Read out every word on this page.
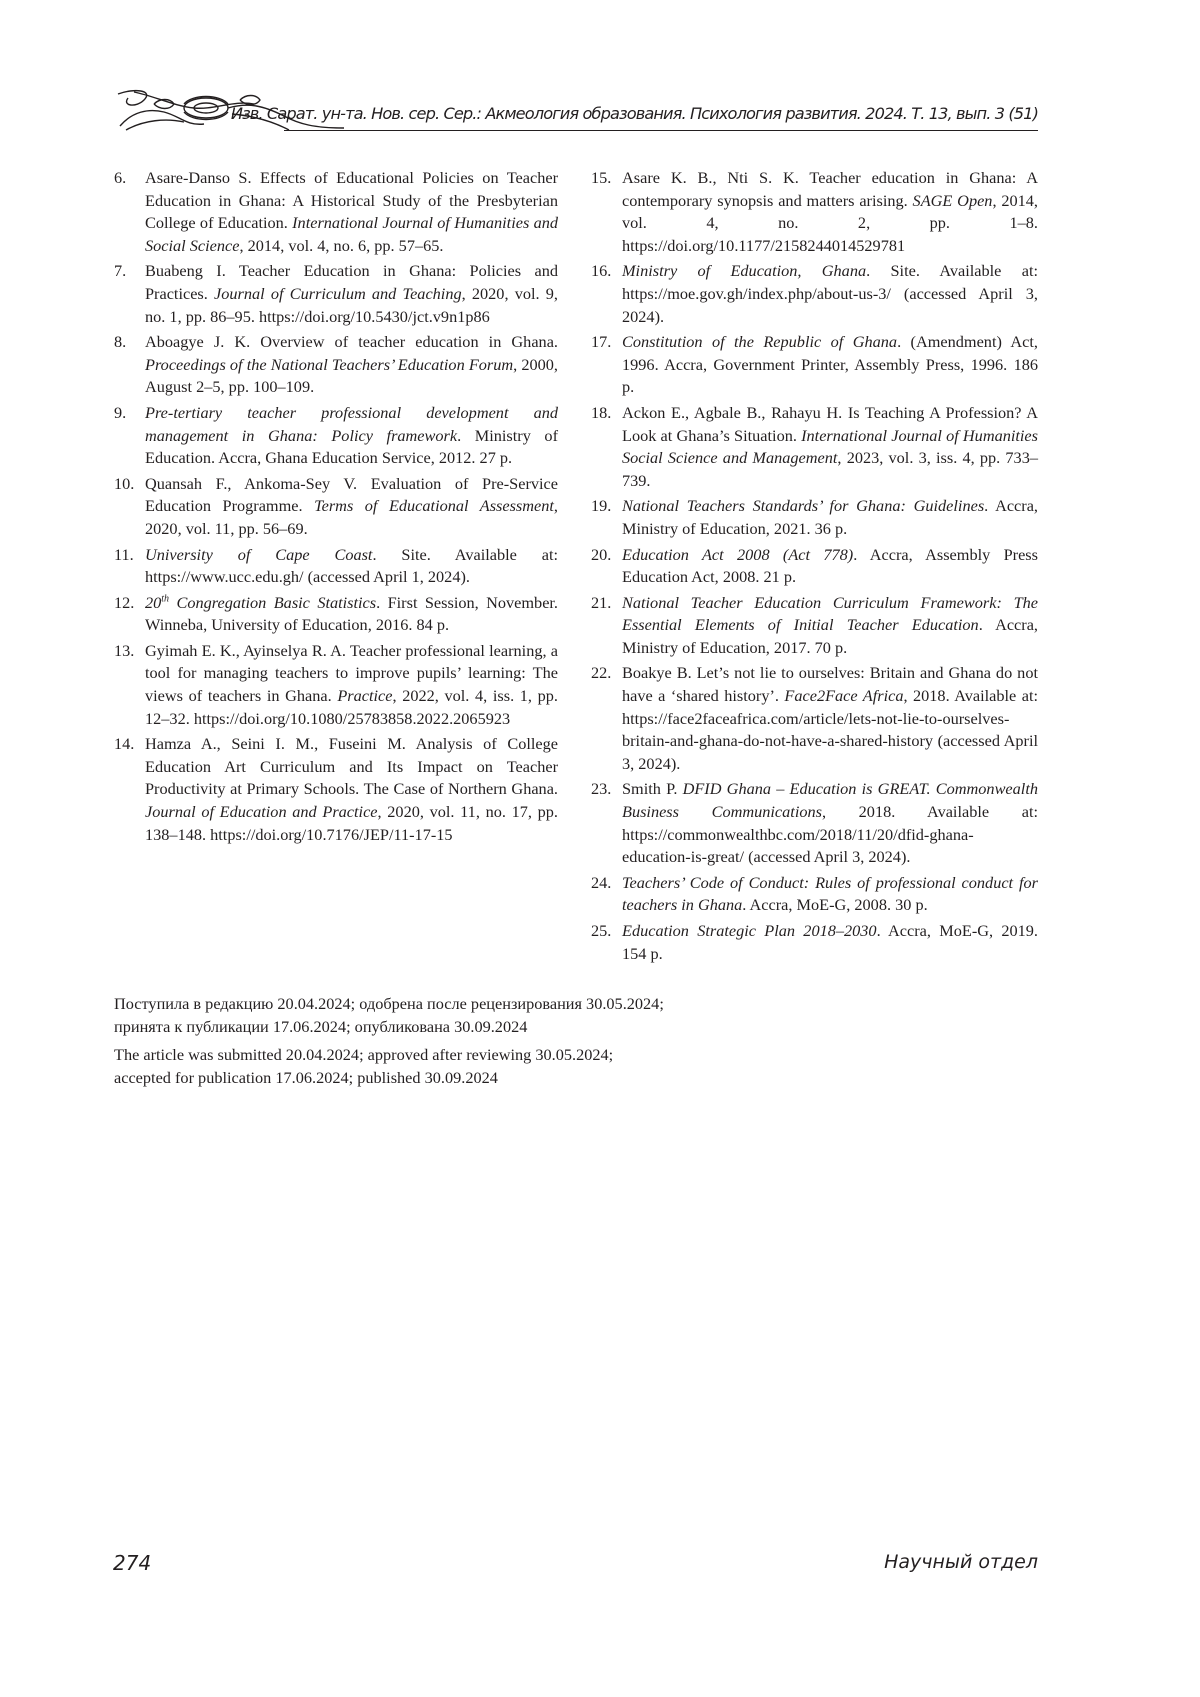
Изв. Сарат. ун-та. Нов. сер. Сер.: Акмеология образования. Психология развития. 2024. Т. 13, вып. 3 (51)
6.	Asare-Danso S. Effects of Educational Policies on Teacher Education in Ghana: A Historical Study of the Presbyterian College of Education. International Journal of Humanities and Social Science, 2014, vol. 4, no. 6, pp. 57–65.
7.	Buabeng I. Teacher Education in Ghana: Policies and Practices. Journal of Curriculum and Teaching, 2020, vol. 9, no. 1, pp. 86–95. https://doi.org/10.5430/jct.v9n1p86
8.	Aboagye J. K. Overview of teacher education in Ghana. Proceedings of the National Teachers’ Education Forum, 2000, August 2–5, pp. 100–109.
9.	Pre-tertiary teacher professional development and management in Ghana: Policy framework. Ministry of Education. Accra, Ghana Education Service, 2012. 27 p.
10. Quansah F., Ankoma-Sey V. Evaluation of Pre-Service Education Programme. Terms of Educational Assessment, 2020, vol. 11, pp. 56–69.
11. University of Cape Coast. Site. Available at: https://www.ucc.edu.gh/ (accessed April 1, 2024).
12. 20th Congregation Basic Statistics. First Session, November. Winneba, University of Education, 2016. 84 p.
13. Gyimah E. K., Ayinselya R. A. Teacher professional learning, a tool for managing teachers to improve pupils’ learning: The views of teachers in Ghana. Practice, 2022, vol. 4, iss. 1, pp. 12–32. https://doi.org/10.1080/25783858.2022.2065923
14. Hamza A., Seini I. M., Fuseini M. Analysis of College Education Art Curriculum and Its Impact on Teacher Productivity at Primary Schools. The Case of Northern Ghana. Journal of Education and Practice, 2020, vol. 11, no. 17, pp. 138–148. https://doi.org/10.7176/JEP/11-17-15
15. Asare K. B., Nti S. K. Teacher education in Ghana: A contemporary synopsis and matters arising. SAGE Open, 2014, vol. 4, no. 2, pp. 1–8. https://doi.org/10.1177/2158244014529781
16. Ministry of Education, Ghana. Site. Available at: https://moe.gov.gh/index.php/about-us-3/ (accessed April 3, 2024).
17. Constitution of the Republic of Ghana. (Amendment) Act, 1996. Accra, Government Printer, Assembly Press, 1996. 186 p.
18. Ackon E., Agbale B., Rahayu H. Is Teaching A Profession? A Look at Ghana’s Situation. International Journal of Humanities Social Science and Management, 2023, vol. 3, iss. 4, pp. 733–739.
19. National Teachers Standards’ for Ghana: Guidelines. Accra, Ministry of Education, 2021. 36 p.
20. Education Act 2008 (Act 778). Accra, Assembly Press Education Act, 2008. 21 p.
21. National Teacher Education Curriculum Framework: The Essential Elements of Initial Teacher Education. Accra, Ministry of Education, 2017. 70 p.
22. Boakye B. Let’s not lie to ourselves: Britain and Ghana do not have a ‘shared history’. Face2Face Africa, 2018. Available at: https://face2faceafrica.com/article/lets-not-lie-to-ourselves-britain-and-ghana-do-not-have-a-shared-history (accessed April 3, 2024).
23. Smith P. DFID Ghana – Education is GREAT. Commonwealth Business Communications, 2018. Available at: https://commonwealthbc.com/2018/11/20/dfid-ghana-education-is-great/ (accessed April 3, 2024).
24. Teachers’ Code of Conduct: Rules of professional conduct for teachers in Ghana. Accra, MoE-G, 2008. 30 p.
25. Education Strategic Plan 2018–2030. Accra, MoE-G, 2019. 154 p.

Поступила в редакцию 20.04.2024; одобрена после рецензирования 30.05.2024;
принята к публикации 17.06.2024; опубликована 30.09.2024

The article was submitted 20.04.2024; approved after reviewing 30.05.2024;
accepted for publication 17.06.2024; published 30.09.2024

274	Научный отдел
